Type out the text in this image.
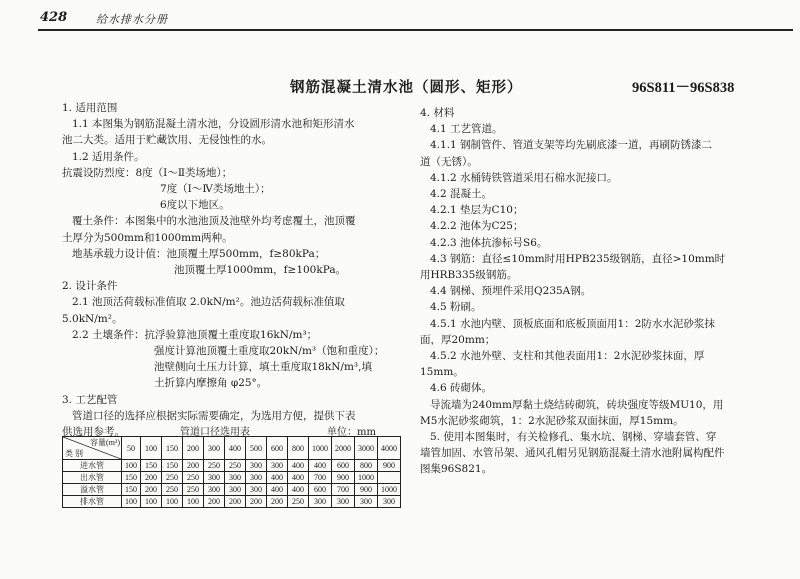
428	给水排水分册
钢筋混凝土清水池（圆形、矩形）	96S811－96S838

1. 适用范围

1.1 本图集为钢筋混凝土清水池，分设圆形清水池和矩形清水

池二大类。适用于贮藏饮用、无侵蚀性的水。

1.2 适用条件。

抗震设防烈度：8度（Ⅰ～Ⅱ类场地）；

7度（Ⅰ～Ⅳ类场地土）；

6度以下地区。

覆土条件：本图集中的水池池顶及池壁外均考虑覆土，池顶覆

土厚分为500mm和1000mm两种。

地基承载力设计值：池顶覆土厚500mm，f≥80kPa；

池顶覆土厚1000mm，f≥100kPa。

2. 设计条件

2.1 池顶活荷载标准值取 2.0kN/m²。池边活荷载标准值取

5.0kN/m²。

2.2 土壤条件：抗浮验算池顶覆土重度取16kN/m³；

强度计算池顶覆土重度取20kN/m³（饱和重度）；

池壁侧向土压力计算，填土重度取18kN/m³,填

土折算内摩擦角 φ25°。

3. 工艺配管

管道口径的选择应根据实际需要确定，为选用方便，提供下表

供选用参考。	管道口径选用表	单位：mm
容量(m³)
类 别	50	100	150	200	300	400	500	600	800	1000	2000	3000	4000
进水管	100	150	150	200	250	250	300	300	400	400	600	800	900
出水管	150	200	250	250	300	300	300	400	400	700	900	1000	
溢水管	150	200	250	250	300	300	300	400	400	600	700	900	1000
排水管	100	100	100	100	200	200	200	200	250	300	300	300	300

4. 材料

4.1 工艺管道。

4.1.1 钢制管件、管道支架等均先刷底漆一道，再刷防锈漆二

道（无锈）。

4.1.2 水桶铸铁管道采用石棉水泥接口。

4.2 混凝土。

4.2.1 垫层为C10；

4.2.2 池体为C25；

4.2.3 池体抗渗标号S6。

4.3 钢筋：直径≤10mm时用HPB235级钢筋，直径>10mm时

用HRB335级钢筋。

4.4 钢梯、预埋件采用Q235A钢。

4.5 粉刷。

4.5.1 水池内壁、顶板底面和底板顶面用1：2防水水泥砂浆抹

面，厚20mm；

4.5.2 水池外壁、支柱和其他表面用1：2水泥砂浆抹面，厚

15mm。

4.6 砖砌体。

导流墙为240mm厚黏土烧结砖砌筑，砖块强度等级MU10，用

M5水泥砂浆砌筑，1：2水泥砂浆双面抹面，厚15mm。

5. 使用本图集时，有关检修孔、集水坑、钢梯、穿墙套管、穿

墙管加固、水管吊架、通风孔帽另见钢筋混凝土清水池附属构配件

图集96S821。
